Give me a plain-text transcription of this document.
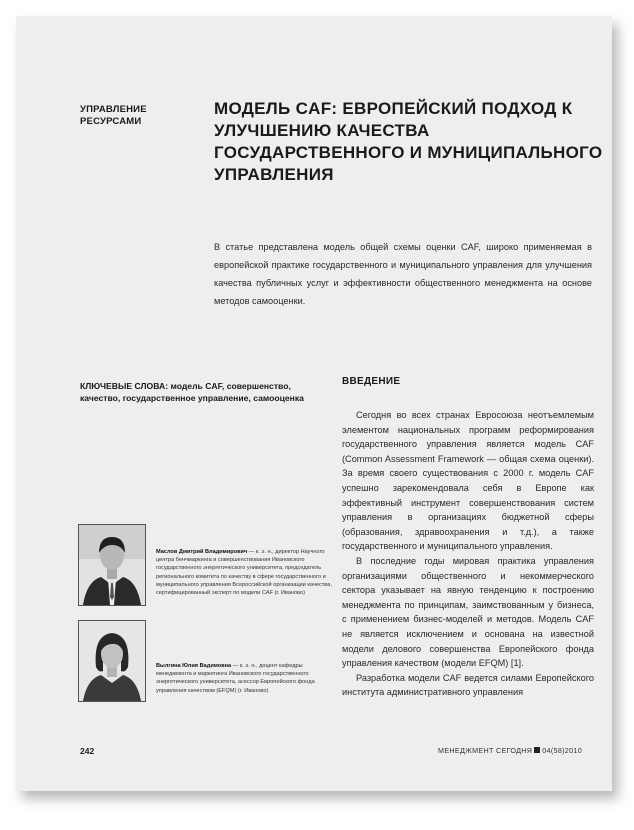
УПРАВЛЕНИЕ
РЕСУРСАМИ
МОДЕЛЬ CAF: ЕВРОПЕЙСКИЙ ПОДХОД К УЛУЧШЕНИЮ КАЧЕСТВА ГОСУДАРСТВЕННОГО И МУНИЦИПАЛЬНОГО УПРАВЛЕНИЯ
В статье представлена модель общей схемы оценки CAF, широко применяемая в европейской практике государственного и муниципального управления для улучшения качества публичных услуг и эффективности общественного менеджмента на основе методов самооценки.
КЛЮЧЕВЫЕ СЛОВА: модель CAF, совершенство, качество, государственное управление, самооценка
ВВЕДЕНИЕ

Сегодня во всех странах Евросоюза неотъемлемым элементом национальных программ реформирования государственного управления является модель CAF (Common Assessment Framework — общая схема оценки). За время своего существования с 2000 г. модель CAF успешно зарекомендовала себя в Европе как эффективный инструмент совершенствования систем управления в организациях бюджетной сферы (образования, здравоохранения и т.д.), а также государственного и муниципального управления.

В последние годы мировая практика управления организациями общественного и некоммерческого сектора указывает на явную тенденцию к построению менеджмента по принципам, заимствованным у бизнеса, с применением бизнес-моделей и методов. Модель CAF не является исключением и основана на известной модели делового совершенства Европейского фонда управления качеством (модели EFQM) [1].

Разработка модели CAF ведется силами Европейского института административного управления

Маслов Дмитрий Владимирович — к. э. н., директор Научного центра бенчмаркинга и совершенствования Ивановского государственного энергетического университета, председатель регионального комитета по качеству в сфере государственного и муниципального управления Всероссийской организации качества, сертифицированный эксперт по модели CAF (г. Иваново)
Вылгина Юлия Вадимовна — к. э. н., доцент кафедры менеджмента и маркетинга Ивановского государственного энергетического университета, асессор Европейского фонда управления качеством (EFQM) (г. Иваново)
242	МЕНЕДЖМЕНТ СЕГОДНЯ 04(58)2010
